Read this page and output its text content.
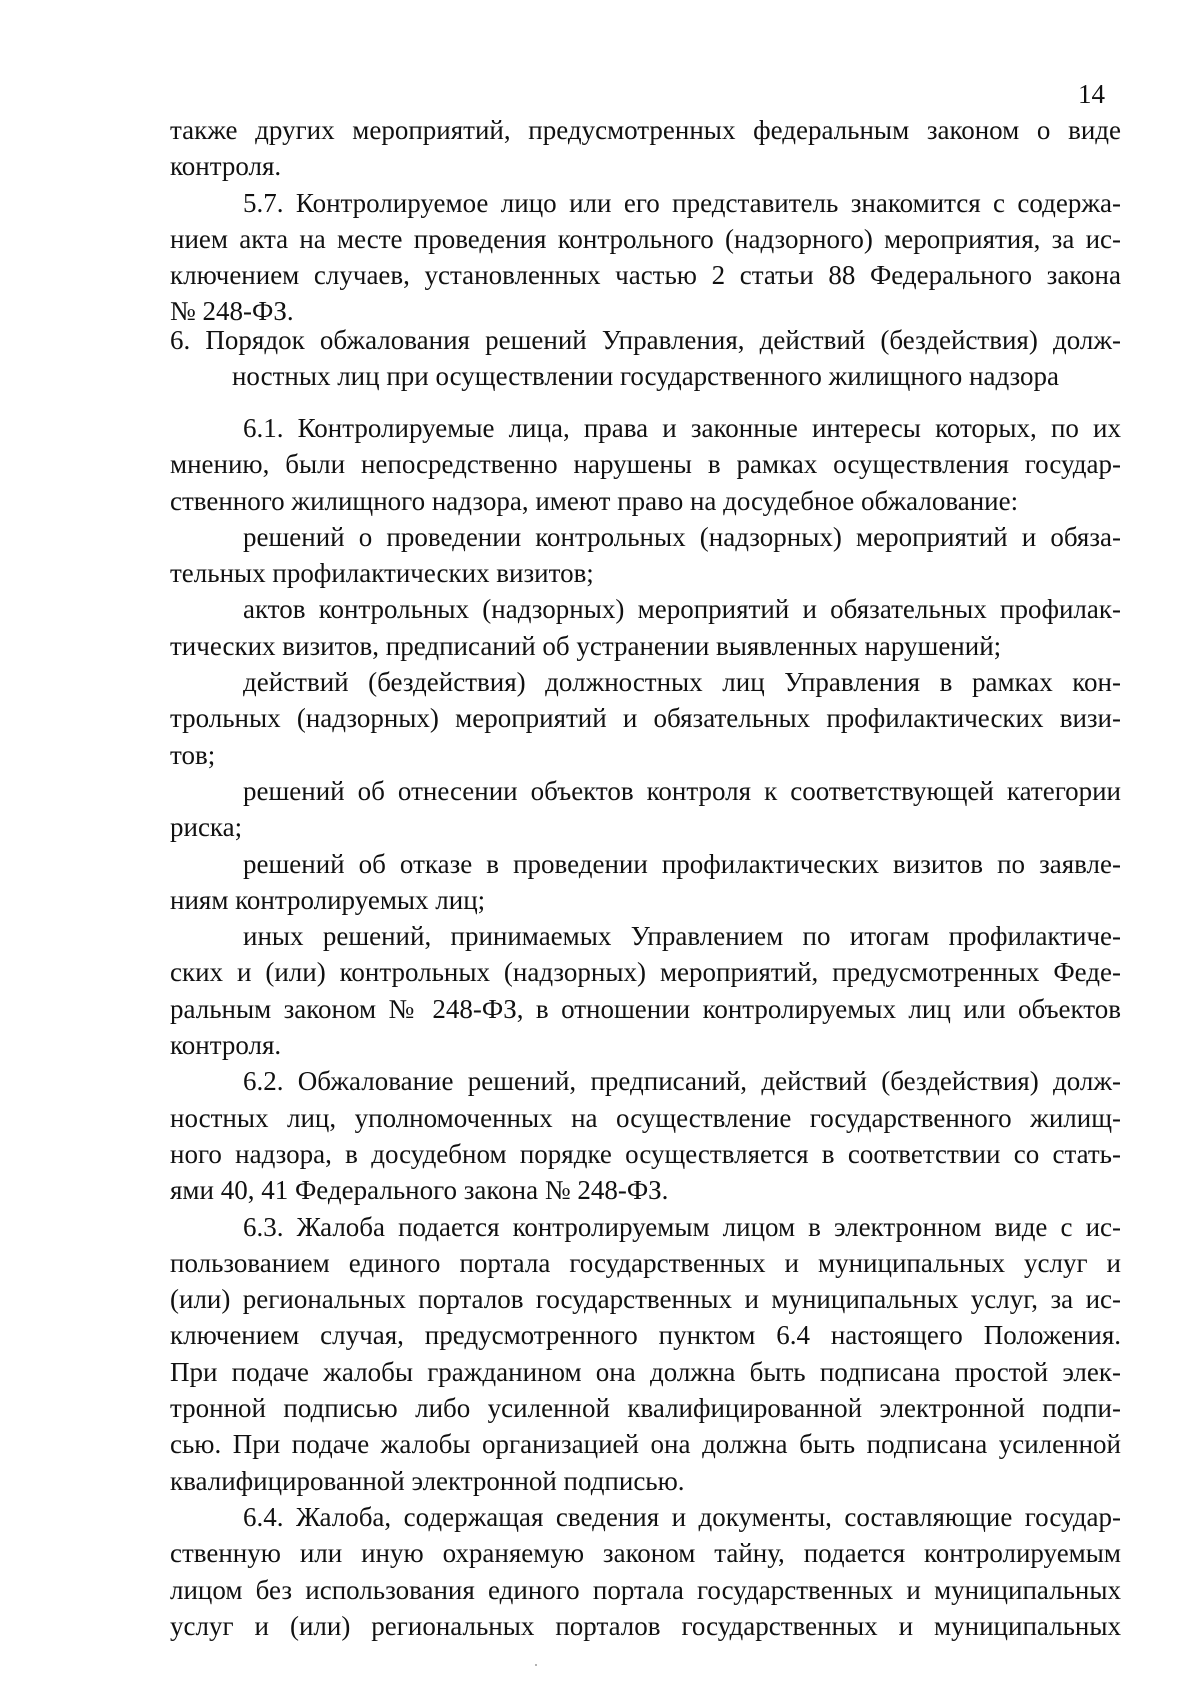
14
также других мероприятий, предусмотренных федеральным законом о виде
контроля.
5.7. Контролируемое лицо или его представитель знакомится с содержа-
нием акта на месте проведения контрольного (надзорного) мероприятия, за ис-
ключением случаев, установленных частью 2 статьи 88 Федерального закона
№ 248-ФЗ.
6. Порядок обжалования решений Управления, действий (бездействия) долж-
ностных лиц при осуществлении государственного жилищного надзора
6.1. Контролируемые лица, права и законные интересы которых, по их
мнению, были непосредственно нарушены в рамках осуществления государ-
ственного жилищного надзора, имеют право на досудебное обжалование:
решений о проведении контрольных (надзорных) мероприятий и обяза-
тельных профилактических визитов;
актов контрольных (надзорных) мероприятий и обязательных профилак-
тических визитов, предписаний об устранении выявленных нарушений;
действий (бездействия) должностных лиц Управления в рамках кон-
трольных (надзорных) мероприятий и обязательных профилактических визи-
тов;
решений об отнесении объектов контроля к соответствующей категории
риска;
решений об отказе в проведении профилактических визитов по заявле-
ниям контролируемых лиц;
иных решений, принимаемых Управлением по итогам профилактиче-
ских и (или) контрольных (надзорных) мероприятий, предусмотренных Феде-
ральным законом № 248-ФЗ, в отношении контролируемых лиц или объектов
контроля.
6.2. Обжалование решений, предписаний, действий (бездействия) долж-
ностных лиц, уполномоченных на осуществление государственного жилищ-
ного надзора, в досудебном порядке осуществляется в соответствии со стать-
ями 40, 41 Федерального закона № 248-ФЗ.
6.3. Жалоба подается контролируемым лицом в электронном виде с ис-
пользованием единого портала государственных и муниципальных услуг и
(или) региональных порталов государственных и муниципальных услуг, за ис-
ключением случая, предусмотренного пунктом 6.4 настоящего Положения.
При подаче жалобы гражданином она должна быть подписана простой элек-
тронной подписью либо усиленной квалифицированной электронной подпи-
сью. При подаче жалобы организацией она должна быть подписана усиленной
квалифицированной электронной подписью.
6.4. Жалоба, содержащая сведения и документы, составляющие государ-
ственную или иную охраняемую законом тайну, подается контролируемым
лицом без использования единого портала государственных и муниципальных
услуг и (или) региональных порталов государственных и муниципальных
